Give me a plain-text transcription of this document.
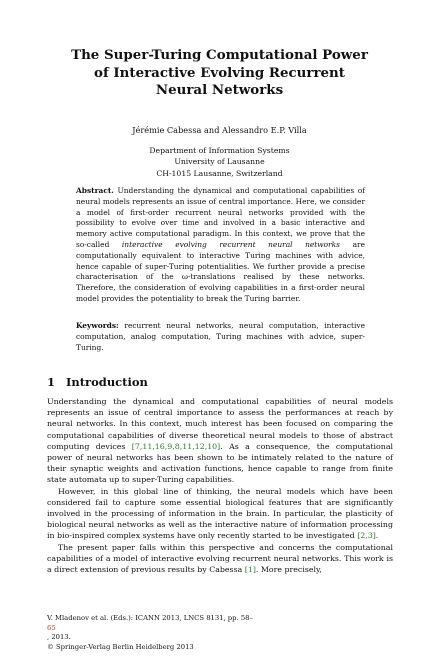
The Super-Turing Computational Power
of Interactive Evolving Recurrent
Neural Networks
Jérémie Cabessa and Alessandro E.P. Villa
Department of Information Systems
University of Lausanne
CH-1015 Lausanne, Switzerland
Abstract. Understanding the dynamical and computational capabilities of neural models represents an issue of central importance. Here, we consider a model of first-order recurrent neural networks provided with the possibility to evolve over time and involved in a basic interactive and memory active computational paradigm. In this context, we prove that the so-called interactive evolving recurrent neural networks are computationally equivalent to interactive Turing machines with advice, hence capable of super-Turing potentialities. We further provide a precise characterisation of the ω-translations realised by these networks. Therefore, the consideration of evolving capabilities in a first-order neural model provides the potentiality to break the Turing barrier.
Keywords: recurrent neural networks, neural computation, interactive computation, analog computation, Turing machines with advice, super-Turing.
1 Introduction

Understanding the dynamical and computational capabilities of neural models represents an issue of central importance to assess the performances at reach by neural networks. In this context, much interest has been focused on comparing the computational capabilities of diverse theoretical neural models to those of abstract computing devices [7,11,16,9,8,11,12,10]. As a consequence, the computational power of neural networks has been shown to be intimately related to the nature of their synaptic weights and activation functions, hence capable to range from finite state automata up to super-Turing capabilities.

However, in this global line of thinking, the neural models which have been considered fail to capture some essential biological features that are significantly involved in the processing of information in the brain. In particular, the plasticity of biological neural networks as well as the interactive nature of information processing in bio-inspired complex systems have only recently started to be investigated [2,3].

The present paper falls within this perspective and concerns the computational capabilities of a model of interactive evolving recurrent neural networks. This work is a direct extension of previous results by Cabessa [1]. More precisely,

V. Mladenov et al. (Eds.): ICANN 2013, LNCS 8131, pp. 58–
65
, 2013.
© Springer-Verlag Berlin Heidelberg 2013
